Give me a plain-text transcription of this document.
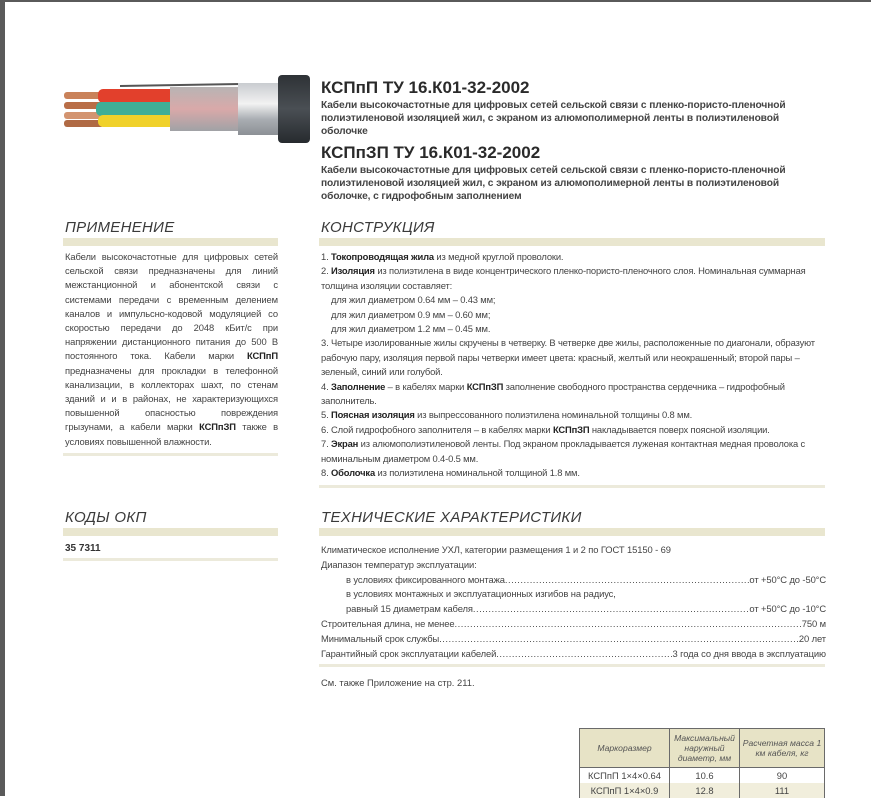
КСПпП ТУ 16.К01-32-2002
Кабели высокочастотные для цифровых сетей сельской связи с пленко-пористо-пленочной
полиэтиленовой изоляцией жил, с экраном из алюмополимерной ленты в полиэтиленовой
оболочке
КСПпЗП ТУ 16.К01-32-2002
Кабели высокочастотные для цифровых сетей сельской связи с пленко-пористо-пленочной
полиэтиленовой изоляцией жил, с экраном из алюмополимерной ленты в полиэтиленовой
оболочке, с гидрофобным заполнением
ПРИМЕНЕНИЕ
Кабели высокочастотные для цифровых сетей сельской связи предназначены для линий межстанционной и абонентской связи с системами передачи с временным делением каналов и импульсно-кодовой модуляцией со скоростью передачи до 2048 кБит/с при напряжении дистанционного питания до 500 В постоянного тока. Кабели марки КСПпП предназначены для прокладки в телефонной канализации, в коллекторах шахт, по стенам зданий и и в районах, не характеризующихся повышенной опасностью повреждения грызунами, а кабели марки КСПпЗП также в условиях повышенной влажности.
КОНСТРУКЦИЯ
1. Токопроводящая жила из медной круглой проволоки.
2. Изоляция из полиэтилена в виде концентрического пленко-пористо-пленочного слоя. Номинальная суммарная толщина изоляции составляет:
для жил диаметром 0.64 мм – 0.43 мм;
для жил диаметром 0.9 мм – 0.60 мм;
для жил диаметром 1.2 мм – 0.45 мм.
3. Четыре изолированные жилы скручены в четверку. В четверке две жилы, расположенные по диагонали, образуют рабочую пару, изоляция первой пары четверки имеет цвета: красный, желтый или неокрашенный; второй пары – зеленый, синий или голубой.
4. Заполнение – в кабелях марки КСПпЗП заполнение свободного пространства сердечника – гидрофобный заполнитель.
5. Поясная изоляция из выпрессованного полиэтилена номинальной толщины 0.8 мм.
6. Слой гидрофобного заполнителя – в кабелях марки КСПпЗП накладывается поверх поясной изоляции.
7. Экран из алюмополиэтиленовой ленты. Под экраном прокладывается луженая контактная медная проволока с номинальным диаметром 0.4-0.5 мм.
8. Оболочка из полиэтилена номинальной толщиной 1.8 мм.
КОДЫ ОКП
35 7311
ТЕХНИЧЕСКИЕ ХАРАКТЕРИСТИКИ
Климатическое исполнение УХЛ, категории размещения 1 и 2 по ГОСТ 15150 - 69
Диапазон температур эксплуатации:
в условиях фиксированного монтажа .....	от +50°С до -50°С
в условиях монтажных и эксплуатационных изгибов на радиус,
равный 15 диаметрам кабеля .....	от +50°С до -10°С
Строительная длина, не менее .....	750 м
Минимальный срок службы .....	20 лет
Гарантийный срок эксплуатации кабелей .....	3 года со дня ввода в эксплуатацию
См. также Приложение на стр. 211.
Маркоразмер	Максимальный наружный диаметр, мм	Расчетная масса 1 км кабеля, кг
КСПпП 1×4×0.64	10.6	90
КСПпП 1×4×0.9	12.8	111
